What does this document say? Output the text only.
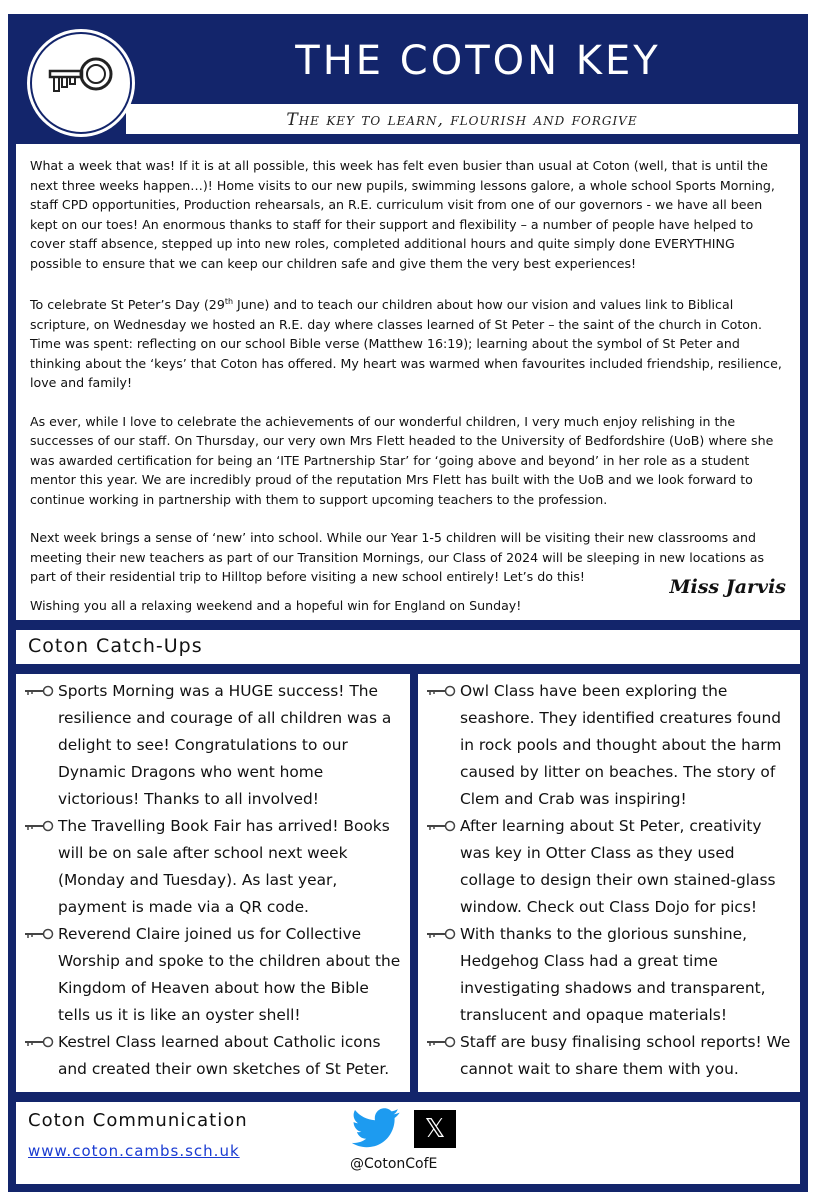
THE COTON KEY
The key to learn, flourish and forgive

What a week that was! If it is at all possible, this week has felt even busier than usual at Coton (well, that is until the next three weeks happen…)! Home visits to our new pupils, swimming lessons galore, a whole school Sports Morning, staff CPD opportunities, Production rehearsals, an R.E. curriculum visit from one of our governors - we have all been kept on our toes! An enormous thanks to staff for their support and flexibility – a number of people have helped to cover staff absence, stepped up into new roles, completed additional hours and quite simply done EVERYTHING possible to ensure that we can keep our children safe and give them the very best experiences!

To celebrate St Peter’s Day (29th June) and to teach our children about how our vision and values link to Biblical scripture, on Wednesday we hosted an R.E. day where classes learned of St Peter – the saint of the church in Coton. Time was spent: reflecting on our school Bible verse (Matthew 16:19); learning about the symbol of St Peter and thinking about the ‘keys’ that Coton has offered. My heart was warmed when favourites included friendship, resilience, love and family!

As ever, while I love to celebrate the achievements of our wonderful children, I very much enjoy relishing in the successes of our staff. On Thursday, our very own Mrs Flett headed to the University of Bedfordshire (UoB) where she was awarded certification for being an ‘ITE Partnership Star’ for ‘going above and beyond’ in her role as a student mentor this year. We are incredibly proud of the reputation Mrs Flett has built with the UoB and we look forward to continue working in partnership with them to support upcoming teachers to the profession.

Next week brings a sense of ‘new’ into school. While our Year 1-5 children will be visiting their new classrooms and meeting their new teachers as part of our Transition Mornings, our Class of 2024 will be sleeping in new locations as part of their residential trip to Hilltop before visiting a new school entirely! Let’s do this!	Miss Jarvis
Wishing you all a relaxing weekend and a hopeful win for England on Sunday!
Coton Catch-Ups
Sports Morning was a HUGE success! The resilience and courage of all children was a delight to see! Congratulations to our Dynamic Dragons who went home victorious! Thanks to all involved!
The Travelling Book Fair has arrived! Books will be on sale after school next week (Monday and Tuesday). As last year, payment is made via a QR code.
Reverend Claire joined us for Collective Worship and spoke to the children about the Kingdom of Heaven about how the Bible tells us it is like an oyster shell!
Kestrel Class learned about Catholic icons and created their own sketches of St Peter.
Owl Class have been exploring the seashore. They identified creatures found in rock pools and thought about the harm caused by litter on beaches. The story of Clem and Crab was inspiring!
After learning about St Peter, creativity was key in Otter Class as they used collage to design their own stained-glass window. Check out Class Dojo for pics!
With thanks to the glorious sunshine, Hedgehog Class had a great time investigating shadows and transparent, translucent and opaque materials!
Staff are busy finalising school reports! We cannot wait to share them with you.
Coton Communication
www.coton.cambs.sch.uk
𝕏
@CotonCofE
